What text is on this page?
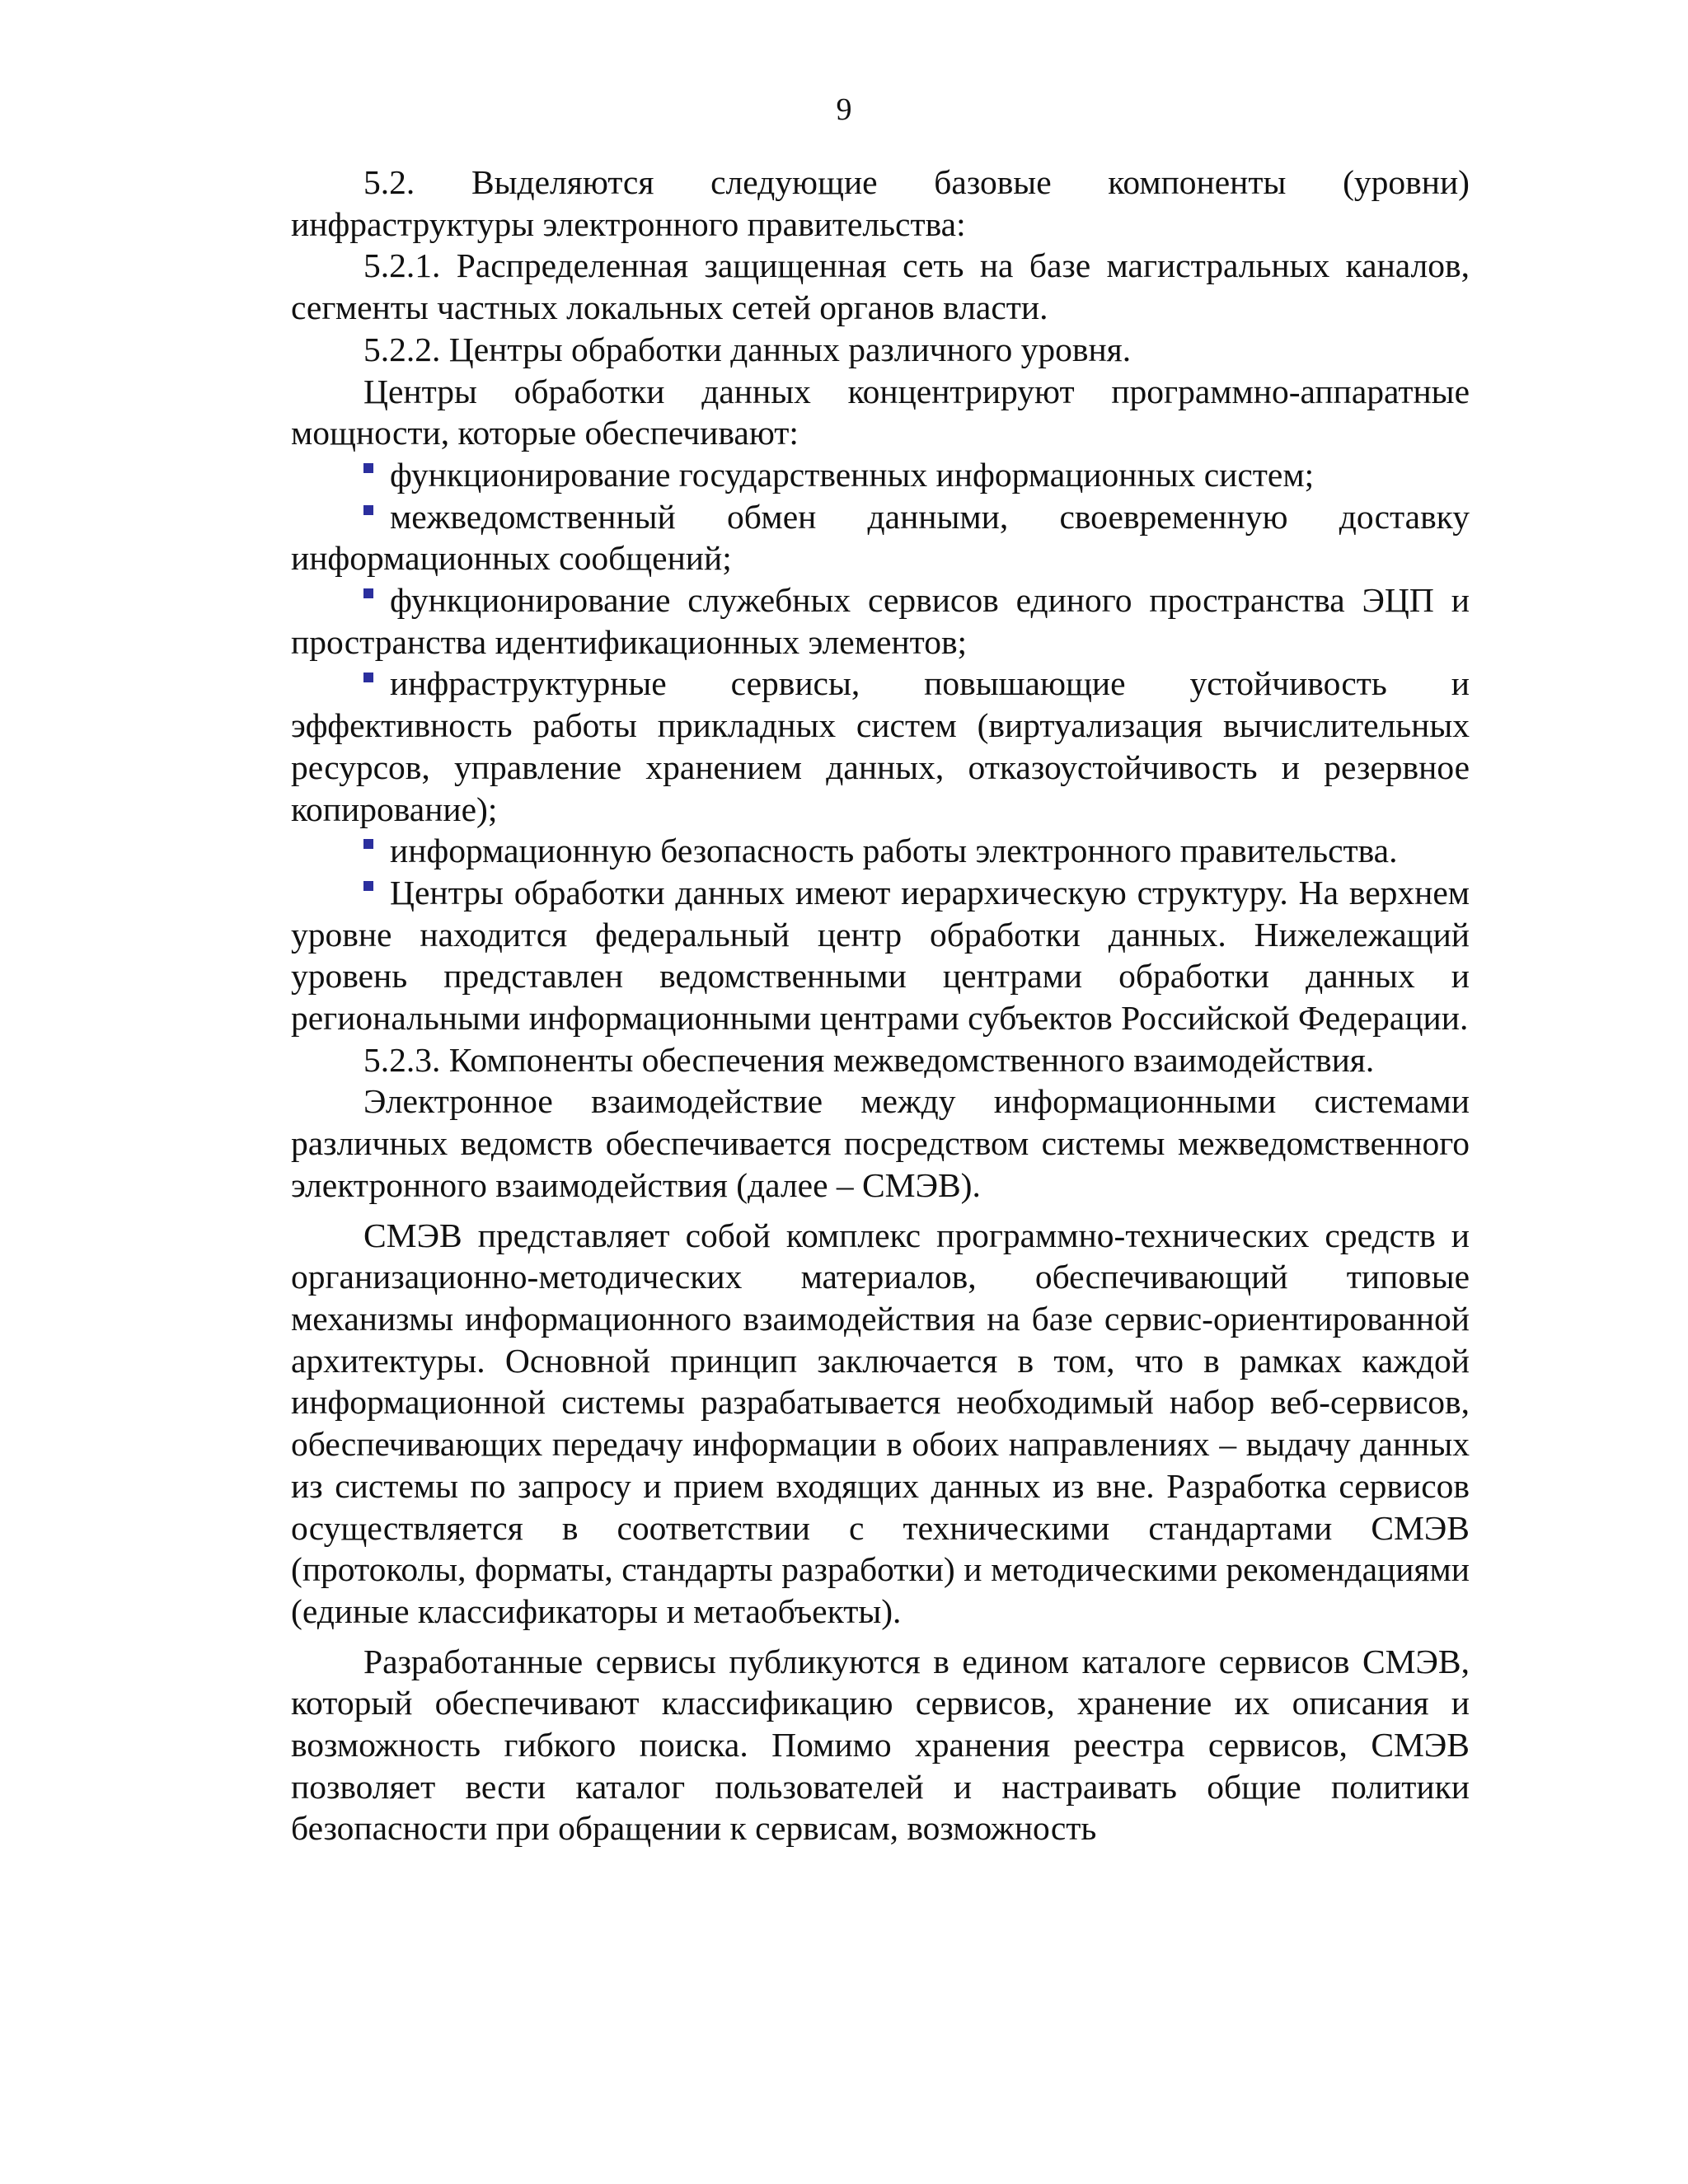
9

5.2. Выделяются следующие базовые компоненты (уровни) инфраструктуры электронного правительства:

5.2.1. Распределенная защищенная сеть на базе магистральных каналов, сегменты частных локальных сетей органов власти.

5.2.2. Центры обработки данных различного уровня.

Центры обработки данных концентрируют программно-аппаратные мощности, которые обеспечивают:

функционирование государственных информационных систем;

межведомственный обмен данными, своевременную доставку информационных сообщений;

функционирование служебных сервисов единого пространства ЭЦП и пространства идентификационных элементов;

инфраструктурные сервисы, повышающие устойчивость и эффективность работы прикладных систем (виртуализация вычислительных ресурсов, управление хранением данных, отказоустойчивость и резервное копирование);

информационную безопасность работы электронного правительства.

Центры обработки данных имеют иерархическую структуру. На верхнем уровне находится федеральный центр обработки данных. Нижележащий уровень представлен ведомственными центрами обработки данных и региональными информационными центрами субъектов Российской Федерации.

5.2.3. Компоненты обеспечения межведомственного взаимодействия.

Электронное взаимодействие между информационными системами различных ведомств обеспечивается посредством системы межведомственного электронного взаимодействия (далее – СМЭВ).

СМЭВ представляет собой комплекс программно-технических средств и организационно-методических материалов, обеспечивающий типовые механизмы информационного взаимодействия на базе сервис-ориентированной архитектуры. Основной принцип заключается в том, что в рамках каждой информационной системы разрабатывается необходимый набор веб-сервисов, обеспечивающих передачу информации в обоих направлениях – выдачу данных из системы по запросу и прием входящих данных из вне. Разработка сервисов осуществляется в соответствии с техническими стандартами СМЭВ (протоколы, форматы, стандарты разработки) и методическими рекомендациями (единые классификаторы и метаобъекты).

Разработанные сервисы публикуются в едином каталоге сервисов СМЭВ, который обеспечивают классификацию сервисов, хранение их описания и возможность гибкого поиска. Помимо хранения реестра сервисов, СМЭВ позволяет вести каталог пользователей и настраивать общие политики безопасности при обращении к сервисам, возможность
